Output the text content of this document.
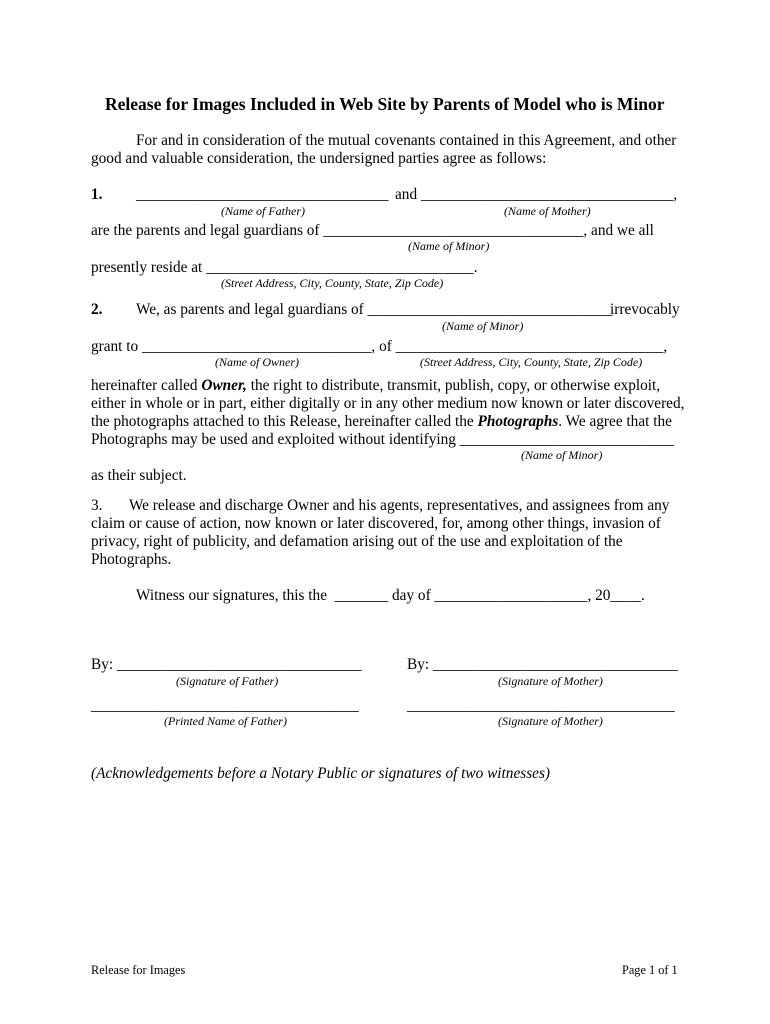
Release for Images Included in Web Site by Parents of Model who is Minor
For and in consideration of the mutual covenants contained in this Agreement, and other
good and valuable consideration, the undersigned parties agree as follows:
1. _________________________________ and _________________________________,
(Name of Father)	(Name of Mother)
are the parents and legal guardians of __________________________________, and we all
(Name of Minor)
presently reside at ___________________________________.
(Street Address, City, County, State, Zip Code)
2. We, as parents and legal guardians of ________________________________
irrevocably
(Name of Minor)
grant to ______________________________, of ___________________________________,
(Name of Owner)	(Street Address, City, County, State, Zip Code)
hereinafter called Owner, the right to distribute, transmit, publish, copy, or otherwise exploit,
either in whole or in part, either digitally or in any other medium now known or later discovered,
the photographs attached to this Release, hereinafter called the Photographs. We agree that the
Photographs may be used and exploited without identifying ____________________________
(Name of Minor)
as their subject.
3.       We release and discharge Owner and his agents, representatives, and assignees from any
claim or cause of action, now known or later discovered, for, among other things, invasion of
privacy, right of publicity, and defamation arising out of the use and exploitation of the
Photographs.
Witness our signatures, this the  _______ day of ____________________, 20____.
By: ________________________________	By: ________________________________
(Signature of Father)	(Signature of Mother)
___________________________________	___________________________________
(Printed Name of Father)	(Signature of Mother)
(Acknowledgements before a Notary Public or signatures of two witnesses)
Release for Images	Page 1 of 1
